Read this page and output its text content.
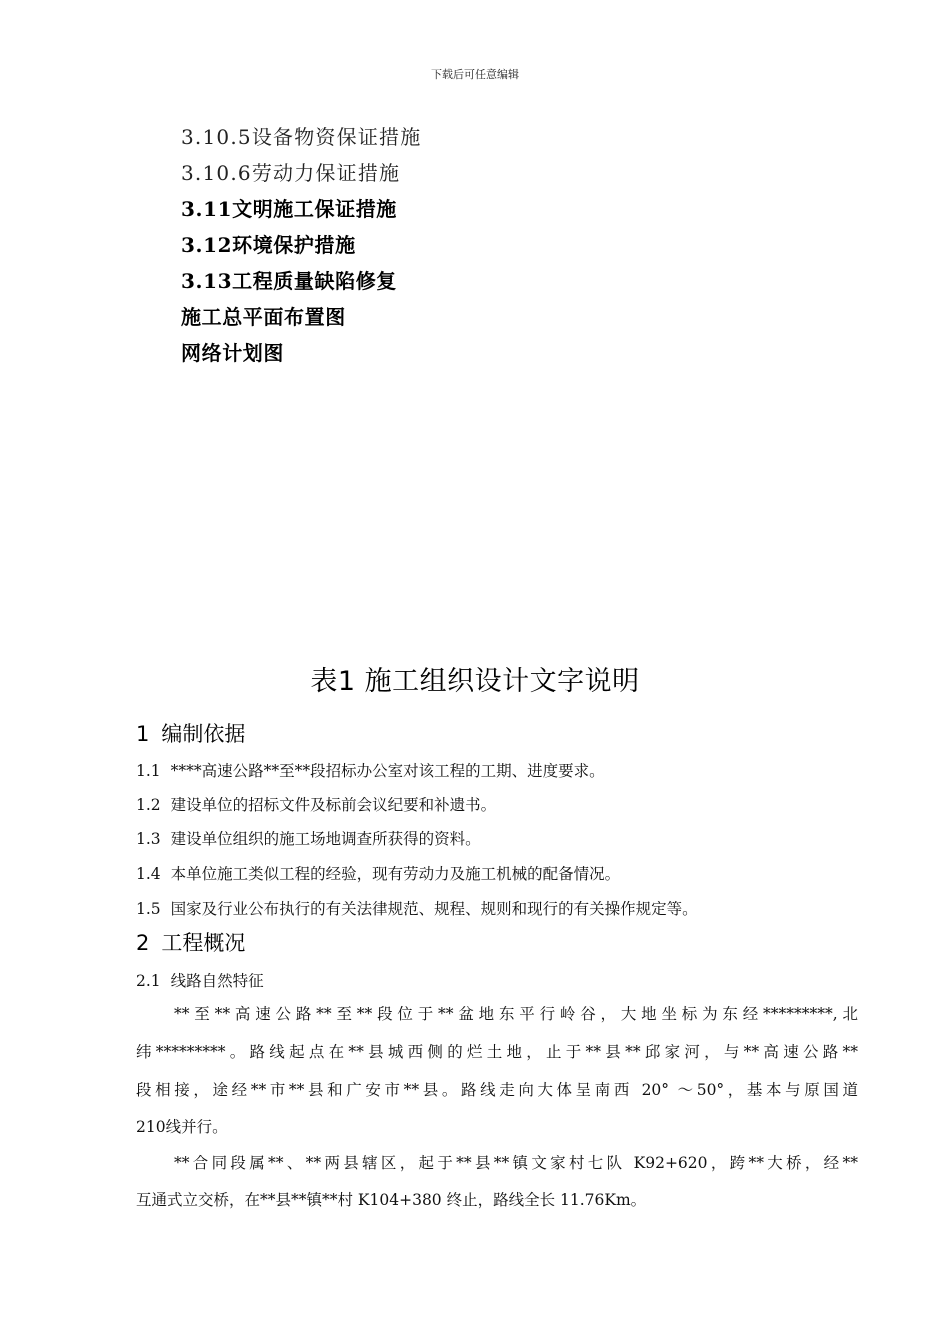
下载后可任意编辑
3.10.5设备物资保证措施
3.10.6劳动力保证措施
3.11文明施工保证措施
3.12环境保护措施
3.13工程质量缺陷修复
施工总平面布置图
网络计划图
表1 施工组织设计文字说明
1 编制依据
1.1 ****高速公路**至**段招标办公室对该工程的工期、进度要求。
1.2 建设单位的招标文件及标前会议纪要和补遗书。
1.3 建设单位组织的施工场地调查所获得的资料。
1.4 本单位施工类似工程的经验，现有劳动力及施工机械的配备情况。
1.5 国家及行业公布执行的有关法律规范、规程、规则和现行的有关操作规定等。
2 工程概况
2.1 线路自然特征
**至**高速公路**至**段位于**盆地东平行岭谷，大地坐标为东经*********,北
纬*********。路线起点在**县城西侧的烂土地，止于**县**邱家河，与**高速公路**
段相接，途经**市**县和广安市**县。路线走向大体呈南西 20° ～50°，基本与原国道
210线并行。
**合同段属**、**两县辖区，起于**县**镇文家村七队 K92+620，跨**大桥，经**
互通式立交桥，在**县**镇**村 K104+380 终止，路线全长 11.76Km。
